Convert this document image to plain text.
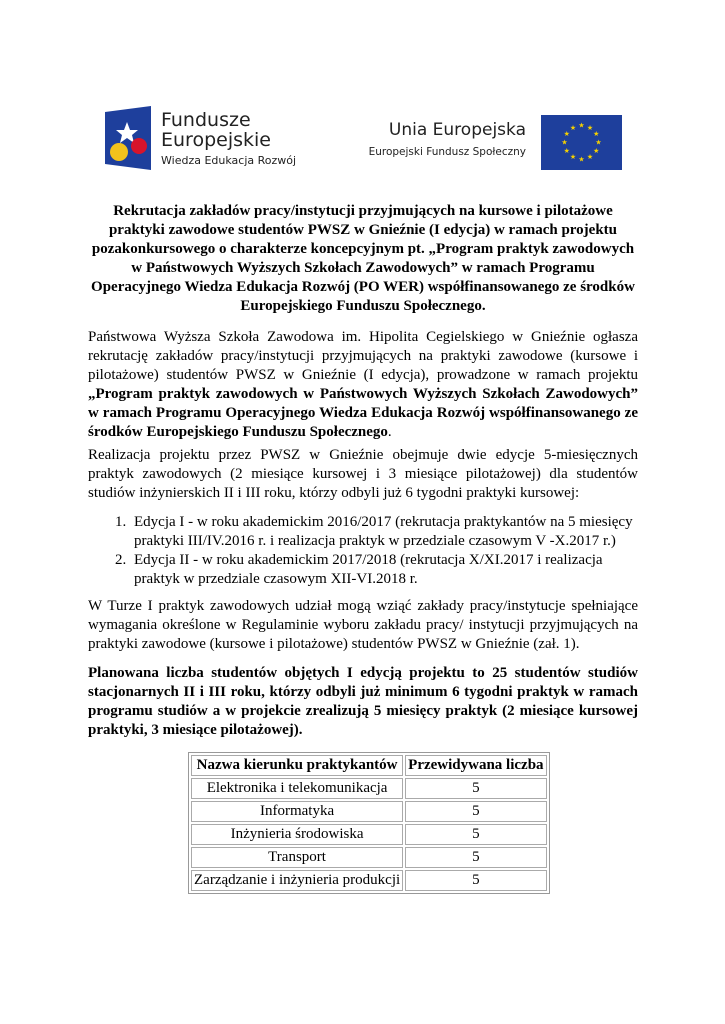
Fundusze
Europejskie
Wiedza Edukacja Rozwój
Unia Europejska
Europejski Fundusz Społeczny
★ ★
★
★
★
★
★
★
★
★
★
★
Rekrutacja zakładów pracy/instytucji przyjmujących na kursowe i pilotażowe praktyki zawodowe studentów PWSZ w Gnieźnie (I edycja) w ramach projektu pozakonkursowego o charakterze koncepcyjnym pt. „Program praktyk zawodowych w Państwowych Wyższych Szkołach Zawodowych” w ramach Programu Operacyjnego Wiedza Edukacja Rozwój (PO WER) współfinansowanego ze środków Europejskiego Funduszu Społecznego.
Państwowa Wyższa Szkoła Zawodowa im. Hipolita Cegielskiego w Gnieźnie ogłasza rekrutację zakładów pracy/instytucji przyjmujących na praktyki zawodowe (kursowe i pilotażowe) studentów PWSZ w Gnieźnie (I edycja), prowadzone w ramach projektu „Program praktyk zawodowych w Państwowych Wyższych Szkołach Zawodowych” w ramach Programu Operacyjnego Wiedza Edukacja Rozwój współfinansowanego ze środków Europejskiego Funduszu Społecznego.
Realizacja projektu przez PWSZ w Gnieźnie obejmuje dwie edycje 5-miesięcznych praktyk zawodowych (2 miesiące kursowej i 3 miesiące pilotażowej) dla studentów studiów inżynierskich II i III roku, którzy odbyli już 6 tygodni praktyki kursowej:
1. Edycja I - w roku akademickim 2016/2017 (rekrutacja praktykantów na 5 miesięcy praktyki III/IV.2016 r. i realizacja praktyk w przedziale czasowym V -X.2017 r.)
2. Edycja II - w roku akademickim 2017/2018 (rekrutacja X/XI.2017 i realizacja praktyk w przedziale czasowym XII-VI.2018 r.
W Turze I praktyk zawodowych udział mogą wziąć zakłady pracy/instytucje spełniające wymagania określone w Regulaminie wyboru zakładu pracy/ instytucji przyjmujących na praktyki zawodowe (kursowe i pilotażowe) studentów PWSZ w Gnieźnie (zał. 1).
Planowana liczba studentów objętych I edycją projektu to 25 studentów studiów stacjonarnych II i III roku, którzy odbyli już minimum 6 tygodni praktyk w ramach programu studiów a w projekcie zrealizują 5 miesięcy praktyk (2 miesiące kursowej praktyki, 3 miesiące pilotażowej).
Nazwa kierunku praktykantów	Przewidywana liczba
Elektronika i telekomunikacja	5
Informatyka	5
Inżynieria środowiska	5
Transport	5
Zarządzanie i inżynieria produkcji	5
